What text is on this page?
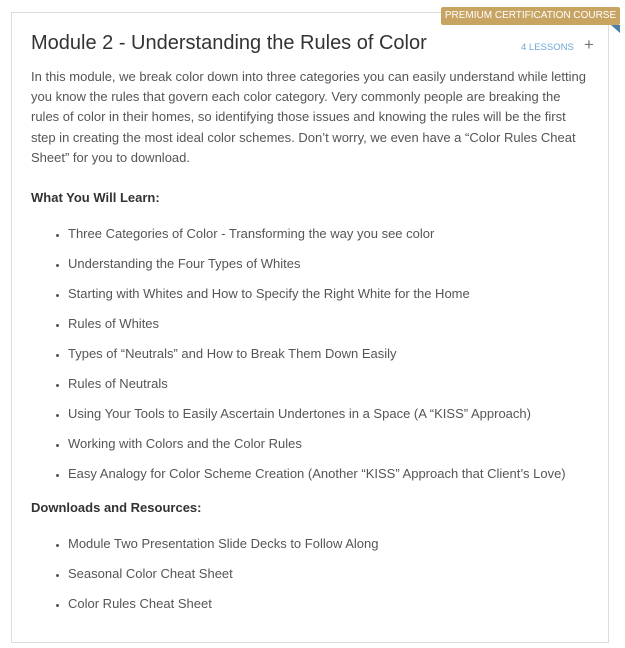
PREMIUM CERTIFICATION COURSE
Module 2 - Understanding the Rules of Color	4 LESSONS +
In this module, we break color down into three categories you can easily understand while letting you know the rules that govern each color category. Very commonly people are breaking the rules of color in their homes, so identifying those issues and knowing the rules will be the first step in creating the most ideal color schemes. Don’t worry, we even have a “Color Rules Cheat Sheet” for you to download.
What You Will Learn:
• Three Categories of Color - Transforming the way you see color
• Understanding the Four Types of Whites
• Starting with Whites and How to Specify the Right White for the Home
• Rules of Whites
• Types of “Neutrals” and How to Break Them Down Easily
• Rules of Neutrals
• Using Your Tools to Easily Ascertain Undertones in a Space (A “KISS” Approach)
• Working with Colors and the Color Rules
• Easy Analogy for Color Scheme Creation (Another “KISS” Approach that Client’s Love)
Downloads and Resources:
• Module Two Presentation Slide Decks to Follow Along
• Seasonal Color Cheat Sheet
• Color Rules Cheat Sheet
